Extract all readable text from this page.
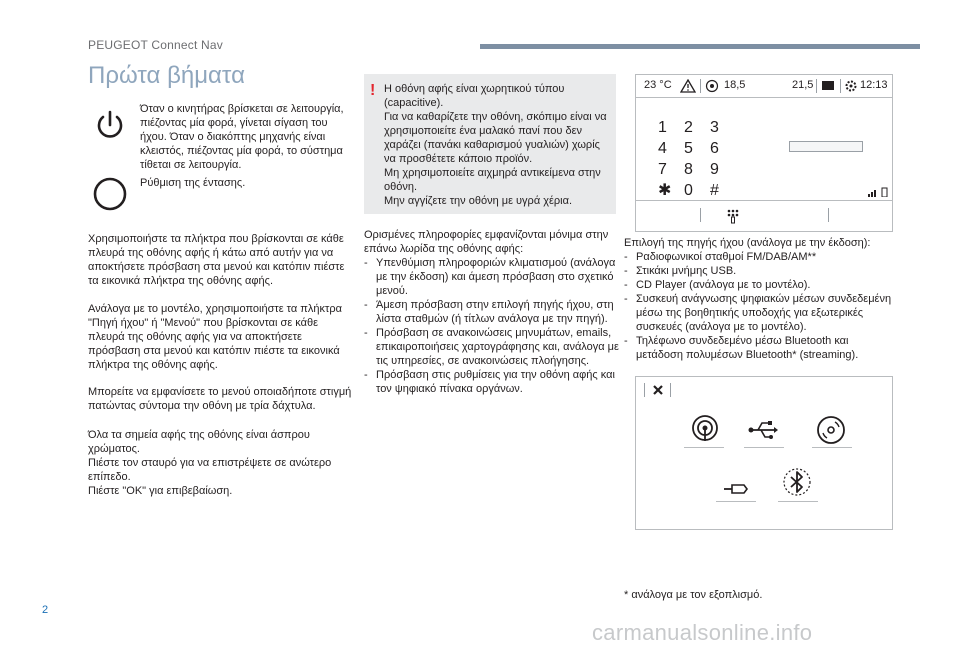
PEUGEOT Connect Nav
Πρώτα βήματα
Όταν ο κινητήρας βρίσκεται σε λειτουργία, πιέζοντας μία φορά, γίνεται σίγαση του ήχου. Όταν ο διακόπτης μηχανής είναι κλειστός, πιέζοντας μία φορά, το σύστημα τίθεται σε λειτουργία.
Ρύθμιση της έντασης.
Χρησιμοποιήστε τα πλήκτρα που βρίσκονται σε κάθε πλευρά της οθόνης αφής ή κάτω από αυτήν για να αποκτήσετε πρόσβαση στα μενού και κατόπιν πιέστε τα εικονικά πλήκτρα της οθόνης αφής.
Ανάλογα με το μοντέλο, χρησιμοποιήστε τα πλήκτρα "Πηγή ήχου" ή "Μενού" που βρίσκονται σε κάθε πλευρά της οθόνης αφής για να αποκτήσετε πρόσβαση στα μενού και κατόπιν πιέστε τα εικονικά πλήκτρα της οθόνης αφής.
Μπορείτε να εμφανίσετε το μενού οποιαδήποτε στιγμή πατώντας σύντομα την οθόνη με τρία δάχτυλα.
Όλα τα σημεία αφής της οθόνης είναι άσπρου χρώματος.
Πιέστε τον σταυρό για να επιστρέψετε σε ανώτερο επίπεδο.
Πιέστε "OK" για επιβεβαίωση.
! Η οθόνη αφής είναι χωρητικού τύπου (capacitive).
Για να καθαρίζετε την οθόνη, σκόπιμο είναι να χρησιμοποιείτε ένα μαλακό πανί που δεν χαράζει (πανάκι καθαρισμού γυαλιών) χωρίς να προσθέτετε κάποιο προϊόν.
Μη χρησιμοποιείτε αιχμηρά αντικείμενα στην οθόνη.
Μην αγγίζετε την οθόνη με υγρά χέρια.
Ορισμένες πληροφορίες εμφανίζονται μόνιμα στην επάνω λωρίδα της οθόνης αφής:
- Υπενθύμιση πληροφοριών κλιματισμού (ανάλογα με την έκδοση) και άμεση πρόσβαση στο σχετικό μενού.
- Άμεση πρόσβαση στην επιλογή πηγής ήχου, στη λίστα σταθμών (ή τίτλων ανάλογα με την πηγή).
- Πρόσβαση σε ανακοινώσεις μηνυμάτων, emails, επικαιροποιήσεις χαρτογράφησης και, ανάλογα με τις υπηρεσίες, σε ανακοινώσεις πλοήγησης.
- Πρόσβαση στις ρυθμίσεις για την οθόνη αφής και τον ψηφιακό πίνακα οργάνων.
23 °C	18,5	21,5	12:13
1 2 3
4 5 6
7 8 9
✱ 0 #
Επιλογή της πηγής ήχου (ανάλογα με την έκδοση):
- Ραδιοφωνικοί σταθμοί FM/DAB/AM**
- Στικάκι μνήμης USB.
- CD Player (ανάλογα με το μοντέλο).
- Συσκευή ανάγνωσης ψηφιακών μέσων συνδεδεμένη μέσω της βοηθητικής υποδοχής για εξωτερικές συσκευές (ανάλογα με το μοντέλο).
- Τηλέφωνο συνδεδεμένο μέσω Bluetooth και μετάδοση πολυμέσων Bluetooth* (streaming).
* ανάλογα με τον εξοπλισμό.
2
carmanualsonline.info
